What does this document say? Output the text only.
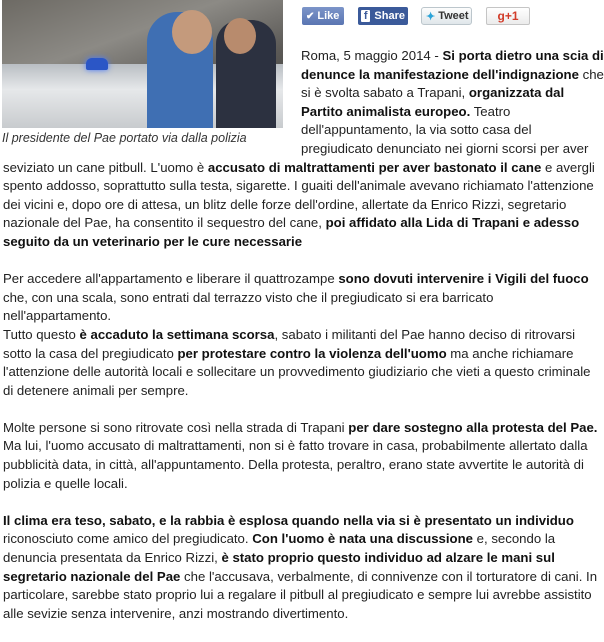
Il presidente del Pae portato via dalla polizia
✔ Like f Share ✦ Tweet g+1

Roma, 5 maggio 2014 - Si porta dietro una scia di denunce la manifestazione dell'indignazione che si è svolta sabato a Trapani, organizzata dal Partito animalista europeo. Teatro dell'appuntamento, la via sotto casa del pregiudicato denunciato nei giorni scorsi per aver seviziato un cane pitbull. L'uomo è accusato di maltrattamenti per aver bastonato il cane e avergli spento addosso, soprattutto sulla testa, sigarette. I guaiti dell'animale avevano richiamato l'attenzione dei vicini e, dopo ore di attesa, un blitz delle forze dell'ordine, allertate da Enrico Rizzi, segretario nazionale del Pae, ha consentito il sequestro del cane, poi affidato alla Lida di Trapani e adesso seguito da un veterinario per le cure necessarie

Per accedere all'appartamento e liberare il quattrozampe sono dovuti intervenire i Vigili del fuoco che, con una scala, sono entrati dal terrazzo visto che il pregiudicato si era barricato nell'appartamento.
Tutto questo è accaduto la settimana scorsa, sabato i militanti del Pae hanno deciso di ritrovarsi sotto la casa del pregiudicato per protestare contro la violenza dell'uomo ma anche richiamare l'attenzione delle autorità locali e sollecitare un provvedimento giudiziario che vieti a questo criminale di detenere animali per sempre.

Molte persone si sono ritrovate così nella strada di Trapani per dare sostegno alla protesta del Pae. Ma lui, l'uomo accusato di maltrattamenti, non si è fatto trovare in casa, probabilmente allertato dalla pubblicità data, in città, all'appuntamento. Della protesta, peraltro, erano state avvertite le autorità di polizia e quelle locali.

Il clima era teso, sabato, e la rabbia è esplosa quando nella via si è presentato un individuo riconosciuto come amico del pregiudicato. Con l'uomo è nata una discussione e, secondo la denuncia presentata da Enrico Rizzi, è stato proprio questo individuo ad alzare le mani sul segretario nazionale del Pae che l'accusava, verbalmente, di connivenze con il torturatore di cani. In particolare, sarebbe stato proprio lui a regalare il pitbull al pregiudicato e sempre lui avrebbe assistito alle sevizie senza intervenire, anzi mostrando divertimento.
